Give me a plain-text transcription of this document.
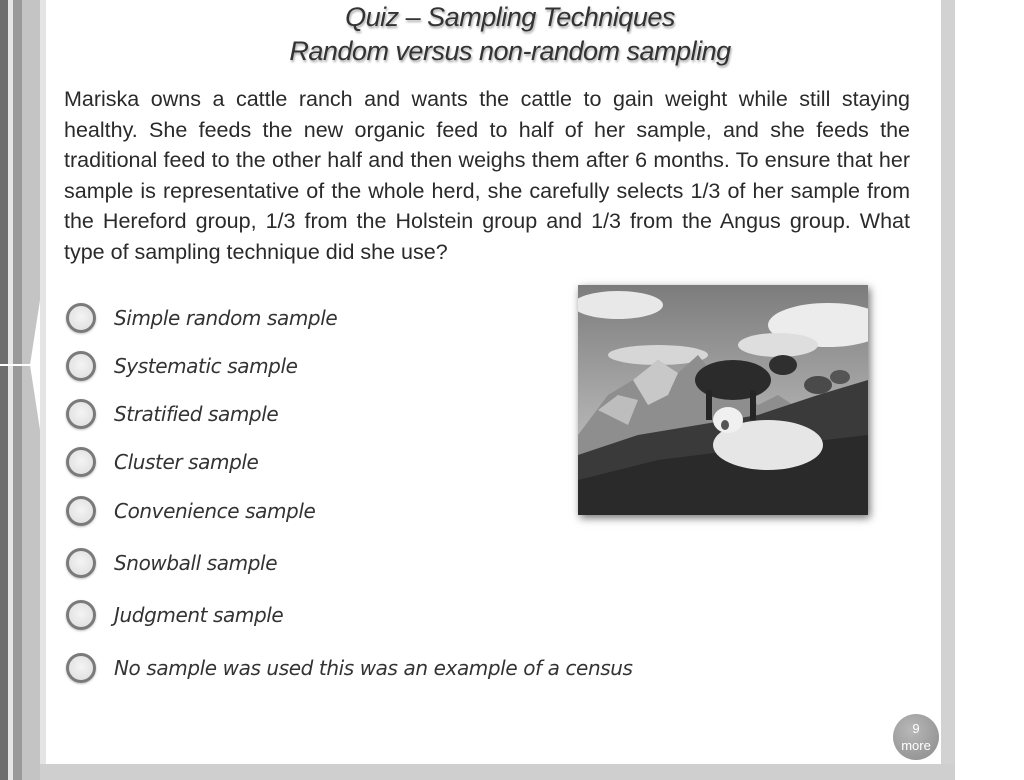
Quiz – Sampling Techniques
Random versus non-random sampling

Mariska owns a cattle ranch and wants the cattle to gain weight while still staying healthy. She feeds the new organic feed to half of her sample, and she feeds the traditional feed to the other half and then weighs them after 6 months. To ensure that her sample is representative of the whole herd, she carefully selects 1/3 of her sample from the Hereford group, 1/3 from the Holstein group and 1/3 from the Angus group. What type of sampling technique did she use?

Simple random sample
Systematic sample
Stratified sample
Cluster sample
Convenience sample
Snowball sample
Judgment sample
No sample was used this was an example of a census
9
more
